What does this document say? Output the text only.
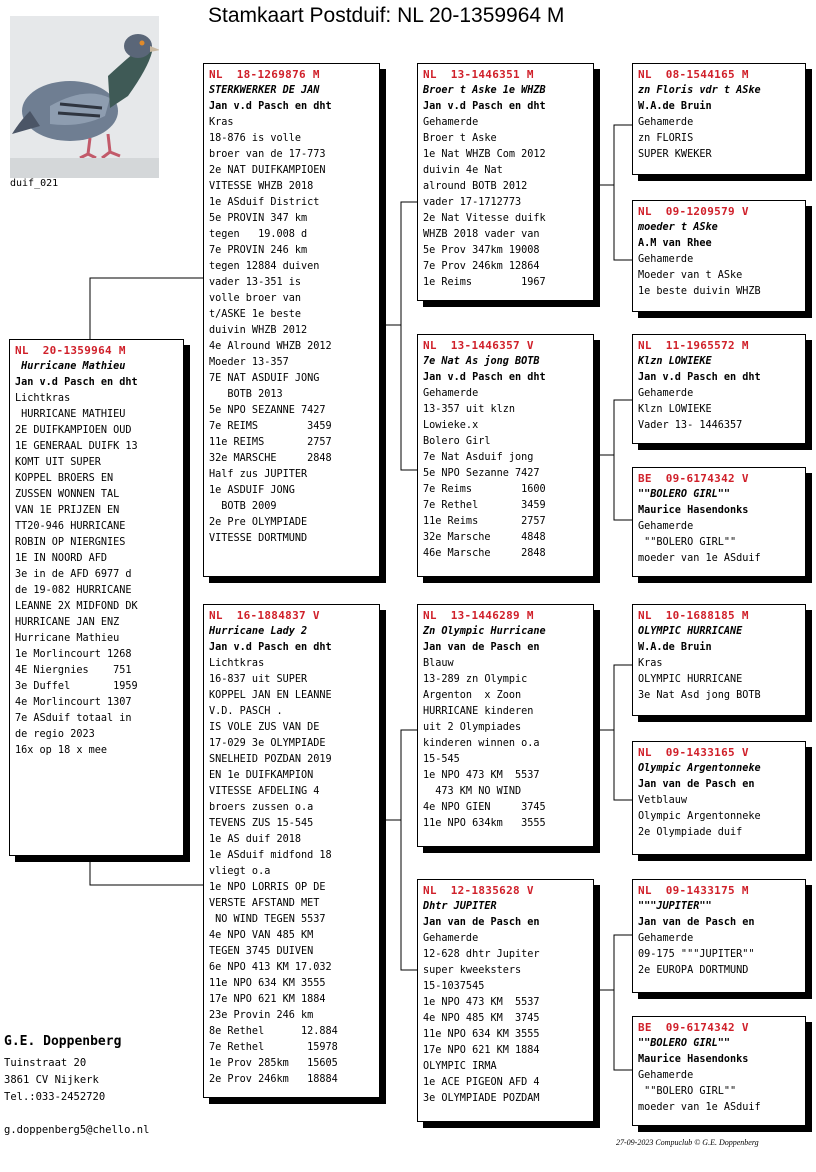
Stamkaart Postduif: NL 20-1359964 M
duif_021
NL  20-1359964 M
Hurricane Mathieu
Jan v.d Pasch en dht
Lichtkras
HURRICANE MATHIEU
2E DUIFKAMPIOEN OUD
1E GENERAAL DUIFK 13
KOMT UIT SUPER
KOPPEL BROERS EN
ZUSSEN WONNEN TAL
VAN 1E PRIJZEN EN
TT20-946 HURRICANE
ROBIN OP NIERGNIES
1E IN NOORD AFD
3e in de AFD 6977 d
de 19-082 HURRICANE
LEANNE 2X MIDFOND DK
HURRICANE JAN ENZ
Hurricane Mathieu
1e Morlincourt 1268
4E Niergnies    751
3e Duffel       1959
4e Morlincourt 1307
7e ASduif totaal in
de regio 2023
16x op 18 x mee
NL  18-1269876 M
STERKWERKER DE JAN
Jan v.d Pasch en dht
Kras
18-876 is volle
broer van de 17-773
2e NAT DUIFKAMPIOEN
VITESSE WHZB 2018
1e ASduif District
5e PROVIN 347 km
tegen   19.008 d
7e PROVIN 246 km
tegen 12884 duiven
vader 13-351 is
volle broer van
t/ASKE 1e beste
duivin WHZB 2012
4e Alround WHZB 2012
Moeder 13-357
7E NAT ASDUIF JONG
BOTB 2013
5e NPO SEZANNE 7427
7e REIMS        3459
11e REIMS       2757
32e MARSCHE     2848
Half zus JUPITER
1e ASDUIF JONG
BOTB 2009
2e Pre OLYMPIADE
VITESSE DORTMUND
NL  16-1884837 V
Hurricane Lady 2
Jan v.d Pasch en dht
Lichtkras
16-837 uit SUPER
KOPPEL JAN EN LEANNE
V.D. PASCH .
IS VOLE ZUS VAN DE
17-029 3e OLYMPIADE
SNELHEID POZDAN 2019
EN 1e DUIFKAMPION
VITESSE AFDELING 4
broers zussen o.a
TEVENS ZUS 15-545
1e AS duif 2018
1e ASduif midfond 18
vliegt o.a
1e NPO LORRIS OP DE
VERSTE AFSTAND MET
NO WIND TEGEN 5537
4e NPO VAN 485 KM
TEGEN 3745 DUIVEN
6e NPO 413 KM 17.032
11e NPO 634 KM 3555
17e NPO 621 KM 1884
23e Provin 246 km
8e Rethel      12.884
7e Rethel       15978
1e Prov 285km   15605
2e Prov 246km   18884
NL  13-1446351 M
Broer t Aske 1e WHZB
Jan v.d Pasch en dht
Gehamerde
Broer t Aske
1e Nat WHZB Com 2012
duivin 4e Nat
alround BOTB 2012
vader 17-1712773
2e Nat Vitesse duifk
WHZB 2018 vader van
5e Prov 347km 19008
7e Prov 246km 12864
1e Reims        1967
NL  13-1446357 V
7e Nat As jong BOTB
Jan v.d Pasch en dht
Gehamerde
13-357 uit klzn
Lowieke.x
Bolero Girl
7e Nat Asduif jong
5e NPO Sezanne 7427
7e Reims        1600
7e Rethel       3459
11e Reims       2757
32e Marsche     4848
46e Marsche     2848
NL  13-1446289 M
Zn Olympic Hurricane
Jan van de Pasch en
Blauw
13-289 zn Olympic
Argenton  x Zoon
HURRICANE kinderen
uit 2 Olympiades
kinderen winnen o.a
15-545
1e NPO 473 KM  5537
473 KM NO WIND
4e NPO GIEN     3745
11e NPO 634km   3555
NL  12-1835628 V
Dhtr JUPITER
Jan van de Pasch en
Gehamerde
12-628 dhtr Jupiter
super kweeksters
15-1037545
1e NPO 473 KM  5537
4e NPO 485 KM  3745
11e NPO 634 KM 3555
17e NPO 621 KM 1884
OLYMPIC IRMA
1e ACE PIGEON AFD 4
3e OLYMPIADE POZDAM
NL  08-1544165 M
zn Floris vdr t ASke
W.A.de Bruin
Gehamerde
zn FLORIS
SUPER KWEKER
NL  09-1209579 V
moeder t ASke
A.M van Rhee
Gehamerde
Moeder van t ASke
1e beste duivin WHZB
NL  11-1965572 M
Klzn LOWIEKE
Jan v.d Pasch en dht
Gehamerde
Klzn LOWIEKE
Vader 13- 1446357
BE  09-6174342 V
""BOLERO GIRL""
Maurice Hasendonks
Gehamerde
""BOLERO GIRL""
moeder van 1e ASduif
NL  10-1688185 M
OLYMPIC HURRICANE
W.A.de Bruin
Kras
OLYMPIC HURRICANE
3e Nat Asd jong BOTB
NL  09-1433165 V
Olympic Argentonneke
Jan van de Pasch en
Vetblauw
Olympic Argentonneke
2e Olympiade duif
NL  09-1433175 M
"""JUPITER""
Jan van de Pasch en
Gehamerde
09-175 """JUPITER""
2e EUROPA DORTMUND
BE  09-6174342 V
""BOLERO GIRL""
Maurice Hasendonks
Gehamerde
""BOLERO GIRL""
moeder van 1e ASduif
G.E. Doppenberg
Tuinstraat 20
3861 CV Nijkerk
Tel.:033-2452720
g.doppenberg5@chello.nl
27-09-2023 Compuclub © G.E. Doppenberg
